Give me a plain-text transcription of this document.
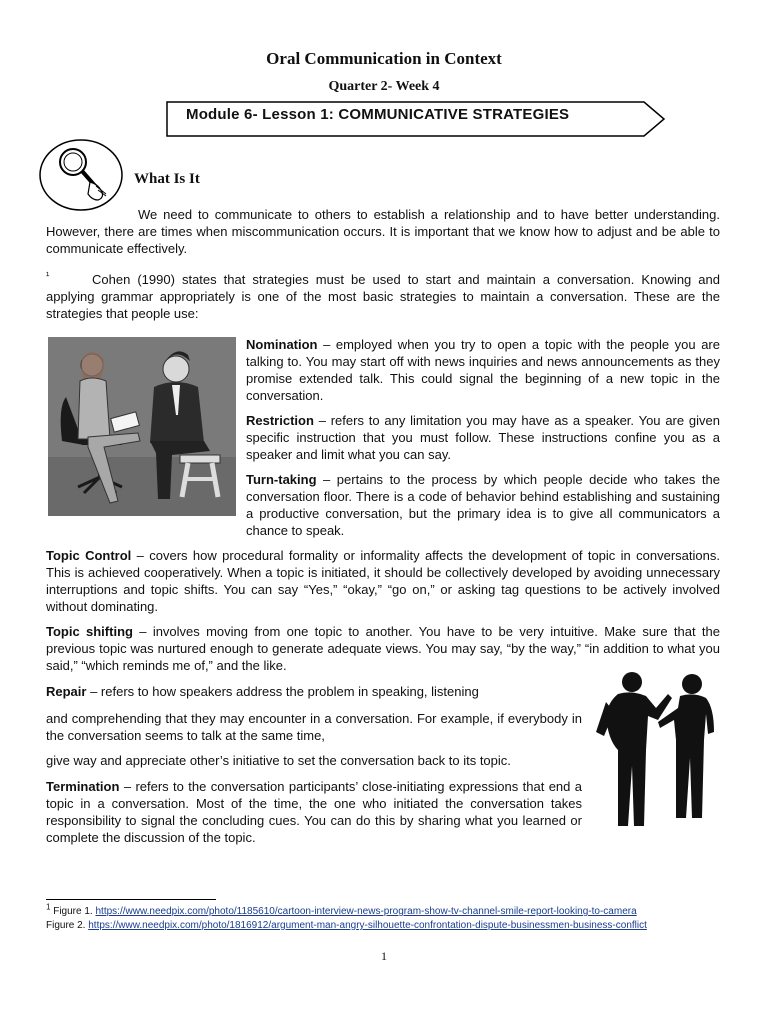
Oral Communication in Context
Quarter 2- Week 4
Module 6- Lesson 1: COMMUNICATIVE STRATEGIES
What Is It
We need to communicate to others to establish a relationship and to have better understanding. However, there are times when miscommunication occurs. It is important that we know how to adjust and be able to communicate effectively.
¹	Cohen (1990) states that strategies must be used to start and maintain a conversation. Knowing and applying grammar appropriately is one of the most basic strategies to maintain a conversation. These are the strategies that people use:
Nomination – employed when you try to open a topic with the people you are talking to. You may start off with news inquiries and news announcements as they promise extended talk. This could signal the beginning of a new topic in the conversation.
Restriction – refers to any limitation you may have as a speaker. You are given specific instruction that you must follow. These instructions confine you as a speaker and limit what you can say.
Turn-taking – pertains to the process by which people decide who takes the conversation floor. There is a code of behavior behind establishing and sustaining a productive conversation, but the primary idea is to give all communicators a chance to speak.
Topic Control – covers how procedural formality or informality affects the development of topic in conversations. This is achieved cooperatively. When a topic is initiated, it should be collectively developed by avoiding unnecessary interruptions and topic shifts. You can say “Yes,” “okay,” “go on,” or asking tag questions to be actively involved without dominating.
Topic shifting – involves moving from one topic to another. You have to be very intuitive. Make sure that the previous topic was nurtured enough to generate adequate views. You may say, “by the way,” “in addition to what you said,” “which reminds me of,” and the like.
Repair – refers to how speakers address the problem in speaking, listening
and comprehending that they may encounter in a conversation. For example, if everybody in the conversation seems to talk at the same time,
give way and appreciate other’s initiative to set the conversation back to its topic.
Termination – refers to the conversation participants’ close-initiating expressions that end a topic in a conversation. Most of the time, the one who initiated the conversation takes responsibility to signal the concluding cues. You can do this by sharing what you learned or complete the discussion of the topic.
$^1$ Figure 1. https://www.needpix.com/photo/1185610/cartoon-interview-news-program-show-tv-channel-smile-report-looking-to-camera
Figure 2. https://www.needpix.com/photo/1816912/argument-man-angry-silhouette-confrontation-dispute-businessmen-business-conflict
1
